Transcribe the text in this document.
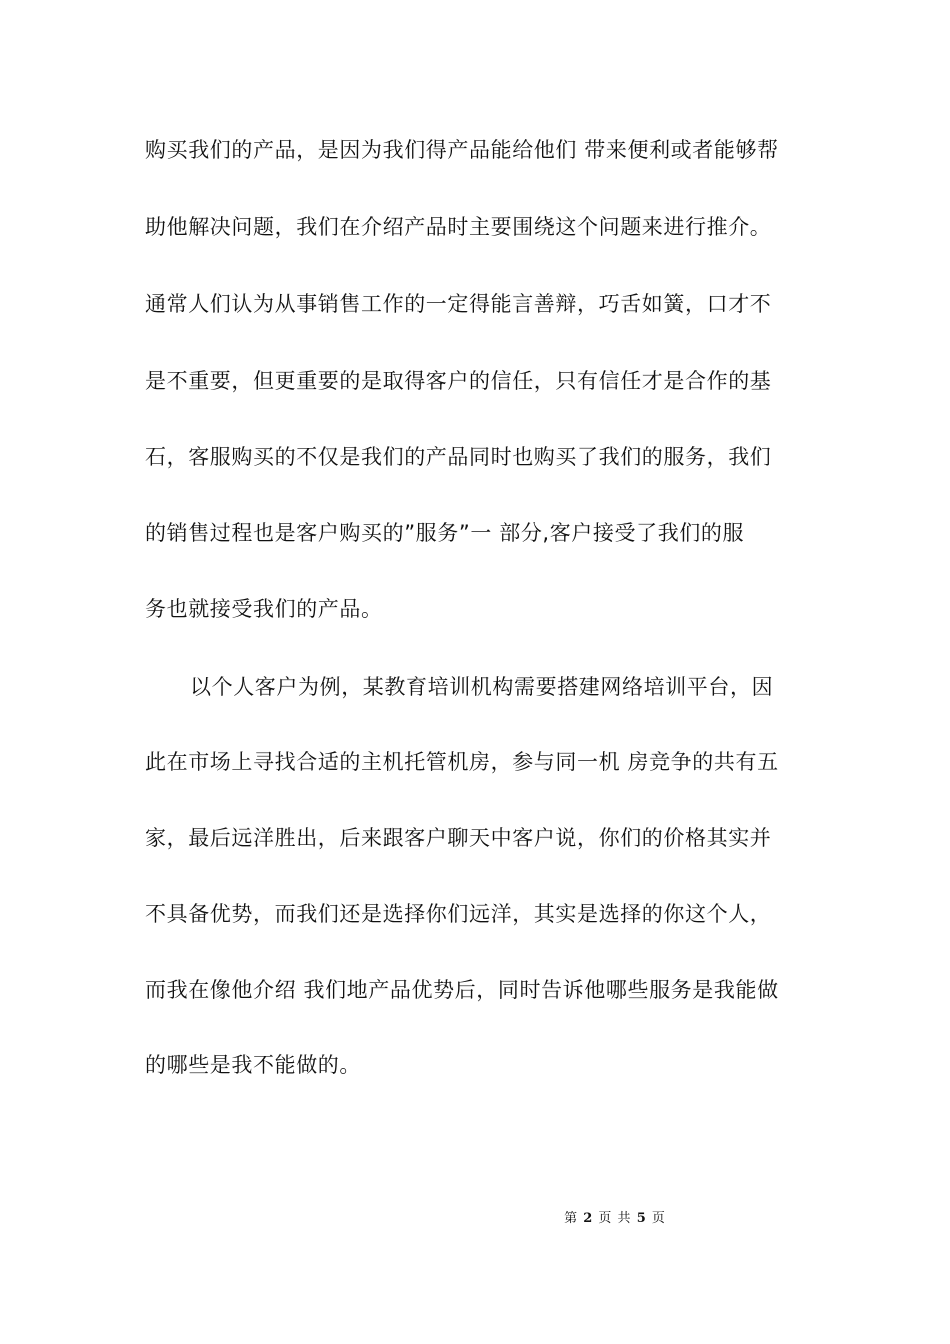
购买我们的产品，是因为我们得产品能给他们 带来便利或者能够帮
助他解决问题，我们在介绍产品时主要围绕这个问题来进行推介。
通常人们认为从事销售工作的一定得能言善辩，巧舌如簧，口才不
是不重要，但更重要的是取得客户的信任，只有信任才是合作的基
石，客服购买的不仅是我们的产品同时也购买了我们的服务，我们
的销售过程也是客户购买的”服务”一 部分,客户接受了我们的服
务也就接受我们的产品。
以个人客户为例，某教育培训机构需要搭建网络培训平台，因
此在市场上寻找合适的主机托管机房，参与同一机 房竞争的共有五
家，最后远洋胜出，后来跟客户聊天中客户说，你们的价格其实并
不具备优势，而我们还是选择你们远洋，其实是选择的你这个人，
而我在像他介绍 我们地产品优势后，同时告诉他哪些服务是我能做
的哪些是我不能做的。
第 2 页 共 5 页
